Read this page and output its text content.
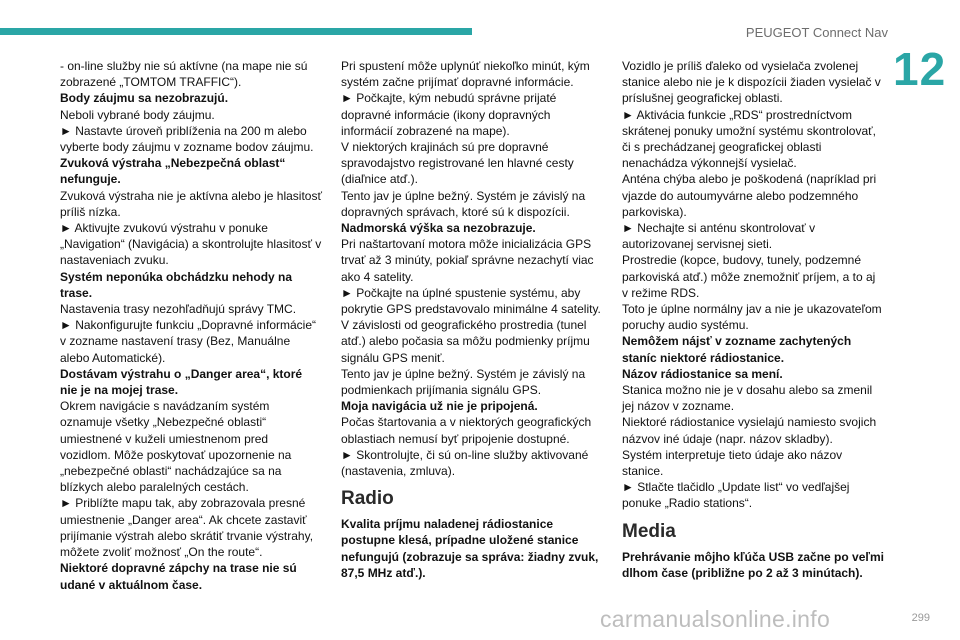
PEUGEOT Connect Nav
12

- on-line služby nie sú aktívne (na mape nie sú zobrazené „TOMTOM TRAFFIC“).

Body záujmu sa nezobrazujú.

Neboli vybrané body záujmu.

► Nastavte úroveň priblíženia na 200 m alebo vyberte body záujmu v zozname bodov záujmu.

Zvuková výstraha „Nebezpečná oblast“ nefunguje.

Zvuková výstraha nie je aktívna alebo je hlasitosť príliš nízka.

► Aktivujte zvukovú výstrahu v ponuke „Navigation“ (Navigácia) a skontrolujte hlasitosť v nastaveniach zvuku.

Systém neponúka obchádzku nehody na trase.

Nastavenia trasy nezohľadňujú správy TMC.

► Nakonfigurujte funkciu „Dopravné informácie“ v zozname nastavení trasy (Bez, Manuálne alebo Automatické).

Dostávam výstrahu o „Danger area“, ktoré nie je na mojej trase.

Okrem navigácie s navádzaním systém oznamuje všetky „Nebezpečné oblasti“ umiestnené v kuželi umiestnenom pred vozidlom. Môže poskytovať upozornenie na „nebezpečné oblasti“ nachádzajúce sa na blízkych alebo paralelných cestách.

► Priblížte mapu tak, aby zobrazovala presné umiestnenie „Danger area“. Ak chcete zastaviť prijímanie výstrah alebo skrátiť trvanie výstrahy, môžete zvoliť možnosť „On the route“.

Niektoré dopravné zápchy na trase nie sú udané v aktuálnom čase.

Pri spustení môže uplynúť niekoľko minút, kým systém začne prijímať dopravné informácie.

► Počkajte, kým nebudú správne prijaté dopravné informácie (ikony dopravných informácií zobrazené na mape).

V niektorých krajinách sú pre dopravné spravodajstvo registrované len hlavné cesty (diaľnice atď.).

Tento jav je úplne bežný. Systém je závislý na dopravných správach, ktoré sú k dispozícii.

Nadmorská výška sa nezobrazuje.

Pri naštartovaní motora môže inicializácia GPS trvať až 3 minúty, pokiaľ správne nezachytí viac ako 4 satelity.

► Počkajte na úplné spustenie systému, aby pokrytie GPS predstavovalo minimálne 4 satelity.

V závislosti od geografického prostredia (tunel atď.) alebo počasia sa môžu podmienky príjmu signálu GPS meniť.

Tento jav je úplne bežný. Systém je závislý na podmienkach prijímania signálu GPS.

Moja navigácia už nie je pripojená.

Počas štartovania a v niektorých geografických oblastiach nemusí byť pripojenie dostupné.

► Skontrolujte, či sú on-line služby aktivované (nastavenia, zmluva).

Radio

Kvalita príjmu naladenej rádiostanice postupne klesá, prípadne uložené stanice nefungujú (zobrazuje sa správa: žiadny zvuk, 87,5 MHz atď.).

Vozidlo je príliš ďaleko od vysielača zvolenej stanice alebo nie je k dispozícii žiaden vysielač v príslušnej geografickej oblasti.

► Aktivácia funkcie „RDS“ prostredníctvom skrátenej ponuky umožní systému skontrolovať, či s prechádzanej geografickej oblasti nenachádza výkonnejší vysielač.

Anténa chýba alebo je poškodená (napríklad pri vjazde do autoumyvárne alebo podzemného parkoviska).

► Nechajte si anténu skontrolovať v autorizovanej servisnej sieti.

Prostredie (kopce, budovy, tunely, podzemné parkoviská atď.) môže znemožniť príjem, a to aj v režime RDS.

Toto je úplne normálny jav a nie je ukazovateľom poruchy audio systému.

Nemôžem nájsť v zozname zachytených staníc niektoré rádiostanice.

Názov rádiostanice sa mení.

Stanica možno nie je v dosahu alebo sa zmenil jej názov v zozname.

Niektoré rádiostanice vysielajú namiesto svojich názvov iné údaje (napr. názov skladby).

Systém interpretuje tieto údaje ako názov stanice.

► Stlačte tlačidlo „Update list“ vo vedľajšej ponuke „Radio stations“.

Media

Prehrávanie môjho kľúča USB začne po veľmi dlhom čase (približne po 2 až 3 minútach).

carmanualsonline.info	299
